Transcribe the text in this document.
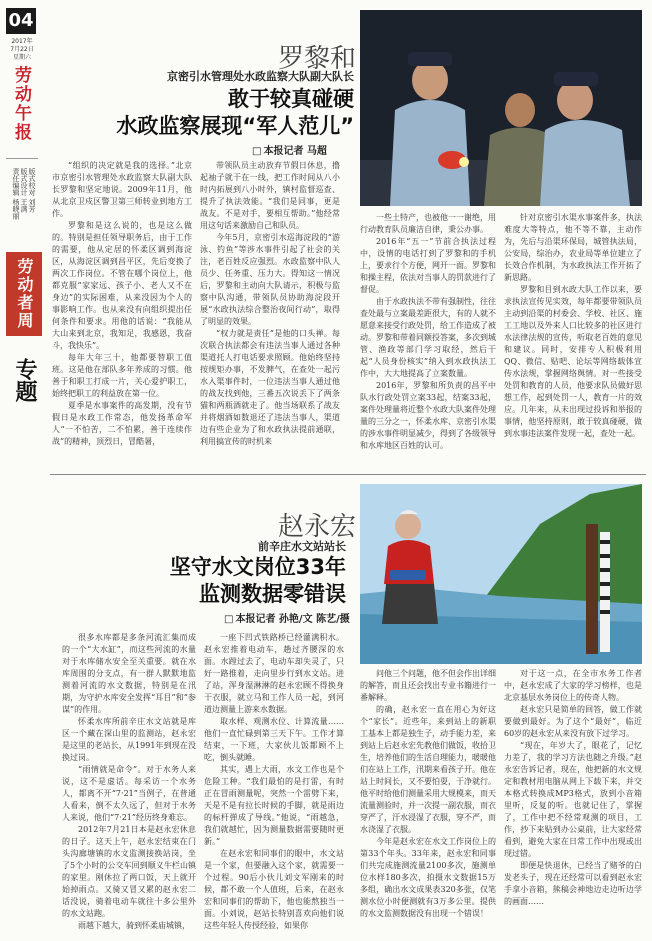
04
2017年
7月22日
星期六
劳动午报
版式校对 刘芳
版式设计 王满
责任编辑 杨晓丽
劳动者周
专题
罗黎和
京密引水管理处水政监察大队副大队长
敢于较真碰硬
水政监察展现“军人范儿”
□ 本报记者 马超

“组织的决定就是我的选择。”北京市京密引水管理处水政监察大队副大队长罗黎和坚定地说。2009年11月，他从北京卫戍区警卫第三师转业到地方工作。

罗黎和是这么说的，也是这么做的。特别是担任领导职务后，由于工作的需要，他从定居的怀柔区调到海淀区，从海淀区调到昌平区，先后变换了两次工作岗位。不管在哪个岗位上，他都克服“家家远、孩子小、老人又不在身边”的实际困难，从来没因为个人的事影响工作。也从来没有向组织提出任何条件和要求。用他的话说：“我能从大山来到北京，我知足，我感恩，我奋斗，我快乐”。

每年大年三十，他都要替职工值班。这是他在部队多年养成的习惯。他善于和职工打成一片，关心爱护职工，始终把职工的利益放在第一位。

夏季是水事案件的高发期，没有节假日是水政工作常态，他发扬革命军人“一不怕苦，二不怕累，善于连续作战”的精神，顶烈日，冒酷暑，

带领队员主动放弃节假日休息，撸起袖子就干在一线，把工作时间从八小时内拓展到八小时外，镇村监督巡查、提升了执法效能。“我们是同事，更是战友。不是对手，要相互帮助。”他经常用这句话来激励自己和队员。

今年5月，京密引水巡海淀段的“游泳、钓鱼”等涉水事件引起了社会的关注，老百姓反应强烈。水政监察中队人员少、任务重、压力大。得知这一情况后，罗黎和主动向大队请示，积极与监察中队沟通，带领队员协助海淀段开展“水政执法综合整治夜间行动”，取得了明显的效果。

“权力就是责任”是他的口头禅。每次联合执法都会有违法当事人通过各种渠道托人打电话要求照顾。他始终坚持按规矩办事，不发脾气，在查处一起污水入渠事件时，一位违法当事人通过他的战友找到他，三番五次说丢下了两条猫和两瓶酒就走了。他当场联系了战友并将烟酒如数退还了违法当事人，渠道边有些企业为了和水政执法提前通联，利用搞宣传的时机来

一些土特产，也被他一一谢绝，用行动教育队员廉洁自律，秉公办事。

2016年“五一”节前合执法过程中，设情的电话打到了罗黎和的手机上，要求行个方便，网开一面。罗黎和和操主程，依法对当事人的罚款进行了督促。

由于水政执法不带有强制性，往往查处最与立案最差距很大，有的人就不愿意来接受行政处罚，给工作造成了被动。罗黎和带着同额投答案，多次到城管、渔政等部门学习取经，然后干起“人员身份核实”纳入到水政执法工作中，大大地提高了立案数量。

2016年，罗黎和所负责的昌平中队水行政处罚立案33起，结案33起，案件处理量将近整个水政大队案件处理量的三分之一，怀柔水库、京密引水渠的涉水事件明显减少，得到了各级领导和水库地区百姓的认可。

针对京密引水渠水事案件多，执法难度大等特点，他不等不靠，主动作为，先后与沿渠环保局，城管执法局，公安局，综治办，农业局等单位建立了长效合作机制，为水政执法工作开拓了新思路。

罗黎和目到水政大队工作以来，要求执法宣传见实效，每年都要带领队员主动到沿渠的村委会、学校、社区、施工工地以及外来人口比较多的社区进行水法律法规的宣传，听取老百姓的意见和建议。同时，安排专人积极利用QQ、微信、贴吧、论坛等网络载体宣传水法规，掌握网络舆情。对一些接受处罚和教育的人员，他要求队员做好思想工作，起到处罚一人，教育一片的效应。几年来，从未出现过投诉和举报的事情，他坚持原则，敢于较真碰硬，做到水事违法案件发现一起，查处一起。

赵永宏
前辛庄水文站站长
坚守水文岗位33年
监测数据零错误
□ 本报记者 孙艳/文 陈艺/摄

很多水库都是多条河流汇集而成的一个“大水缸”，而这些河流的水量对于水库储水安全至关重要。就在水库周围的分支点，有一群人默默地监测着河流的水文数据，特别是在汛期，为守护水库安全发挥“耳目”和“参谋”的作用。

怀柔水库所前辛庄水文站就是库区一个藏在深山里的监测站，赵永宏是这里的老站长，从1991年到现在没换过岗。

“雨情就是命令”。对于水务人来说，这不是虚话。每采访一个水务人，都离不开“7·21”当例子，在普通人看来，倒不太久远了，但对于水务人来说，他们“7·21”经历终身难忘。

2012年7月21日本是赵永宏休息的日子。这天上午，赵永宏结束在门头沟廊塘镇的水文监测接换站岗，坐了5个小时的公交车回到顺义牛栏山镇的家里。刚休拉了两口饭，天上就开始掉雨点。又骑又冒又累的赵永宏二话没说，骑着电动车就往十多公里外的水文站跑。

雨越下越大，骑到怀柔庙城镇，

一座下凹式铁路桥已经灌满积水。赵永宏推着电动车，趟过齐腰深的水面。水蹚过去了，电动车却失灵了，只好一路推着，走向里步行到水文站。进了站，浑身湿淋淋的赵永宏顾不得换身干衣服，就立马和工作人员一起，到河道边测量上游来水数据。

取水样、观测水位、计算流量……他们一直忙碌到第三天下午。工作才算结束，一下班，大家伙儿饭都顾不上吃，倒头就睡。

其实，遇上大雨，水文工作也是个危险工种。“我们最怕的是打雷，有时正在冒雨测量呢，突然一个雷劈下来，天是不是有拉长时候的手脚，就是雨边的标杆弹成了导线。”他说，“雨越急，我们就越忙，因为测量数据需要随时更新。”

在赵永宏和同事们的眼中，水文站是一个家，但要融入这个家，就需要一个过程。90后小伙儿刘文军刚来的时候，都不敢一个人值班，后来，在赵永宏和同事们的帮助下，他也能熬独当一面。小刘说，赵站长特别喜欢向他们说这些年轻人传授经验，如果你

问他三个问题，他不但会作出详细的解答，而且还会找出专业书籍进行一番解释。

的确，赵永宏一直在用心为好这个“家长”。近些年，来到站上的新职工基本上都是独生子，动手能力差，来到站上后赵永宏先教他们做饭，收拾卫生，培养他们的生活自理能力，暖暖他们在站上工作，汛期来看孩子开。他在站上时间长，又不要怕耍，于净就行。他平时给他们测量采用大规模来，而天流量测验时，并一次提一副农服，而衣穿严了，汗水浸湿了衣服，穿不严，而水浇湿了衣服。

今年是赵永宏在水文工作岗位上的第33个年头。33年来，赵永宏和同事们共完成施测流量2100多次，施测单位水样180多次，拍摄水文数据15万多组，确出水文成果表320多张，仅笔测水位小时便测就有3万多公里。提供的水文监测数据没有出现一个错误！

对于这一点，在全市水务工作者中，赵永宏成了大家的学习榜样，也是北京基层水务岗位上的传奇人物。

赵永宏只是简单的回答，做工作就要做到最好。为了这个“最好”，临近60岁的赵永宏从来没有放下过学习。

“现在，年岁大了，眼花了，记忆力差了，我的学习方法也随之升级。”赵永宏告诉记者，现在，他把新的水文规定和教材用电脑从网上下载下来，并交本格式转换成MP3格式，放到小音箱里听，反复的听。也就记住了，掌握了，工作中把不经常观测的项目，工作，抄下来贴到办公桌前，让大家经常看到，避免大家在日常工作中出现或出现过错。

即便是快退休，已经当了赌爷的白发老头子，现在还经常可以看到赵永宏手拿小音箱，熊稿会神地边走边听边学的画面……
